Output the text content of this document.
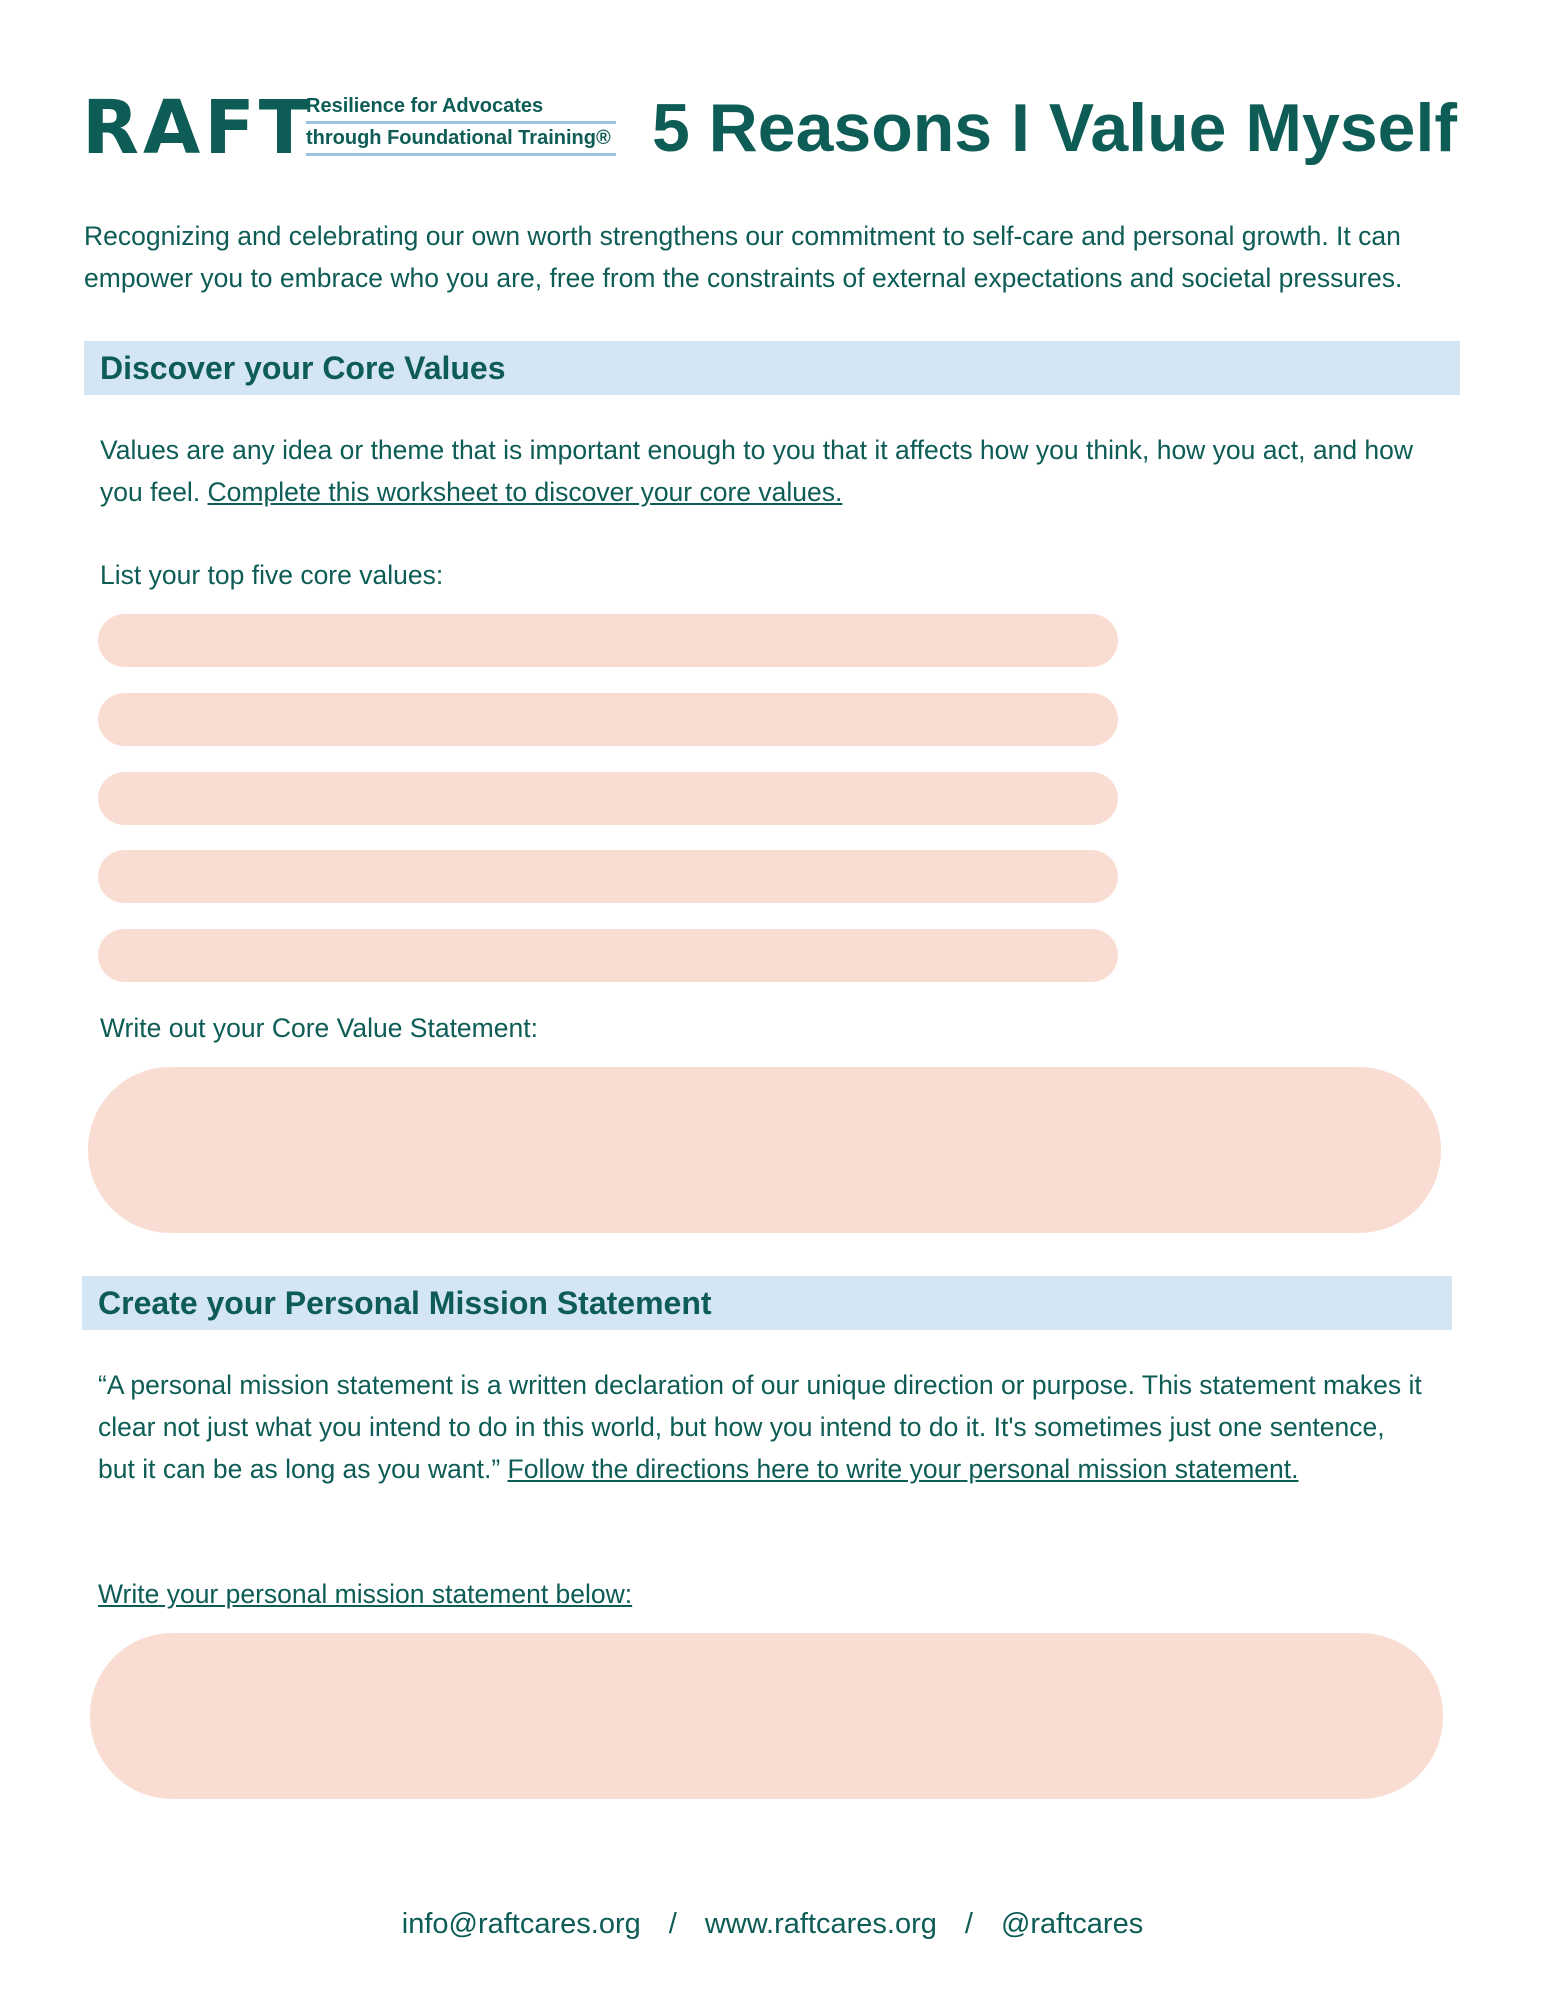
RAFT
Resilience for Advocates
through Foundational Training® 5 Reasons I Value Myself

Recognizing and celebrating our own worth strengthens our commitment to self-care and personal growth. It can empower you to embrace who you are, free from the constraints of external expectations and societal pressures.

Discover your Core Values

Values are any idea or theme that is important enough to you that it affects how you think, how you act, and how you feel. Complete this worksheet to discover your core values.

List your top five core values:

Write out your Core Value Statement:

Create your Personal Mission Statement

“A personal mission statement is a written declaration of our unique direction or purpose. This statement makes it clear not just what you intend to do in this world, but how you intend to do it. It's sometimes just one sentence, but it can be as long as you want.” Follow the directions here to write your personal mission statement.

Write your personal mission statement below:

info@raftcares.org / www.raftcares.org / @raftcares
